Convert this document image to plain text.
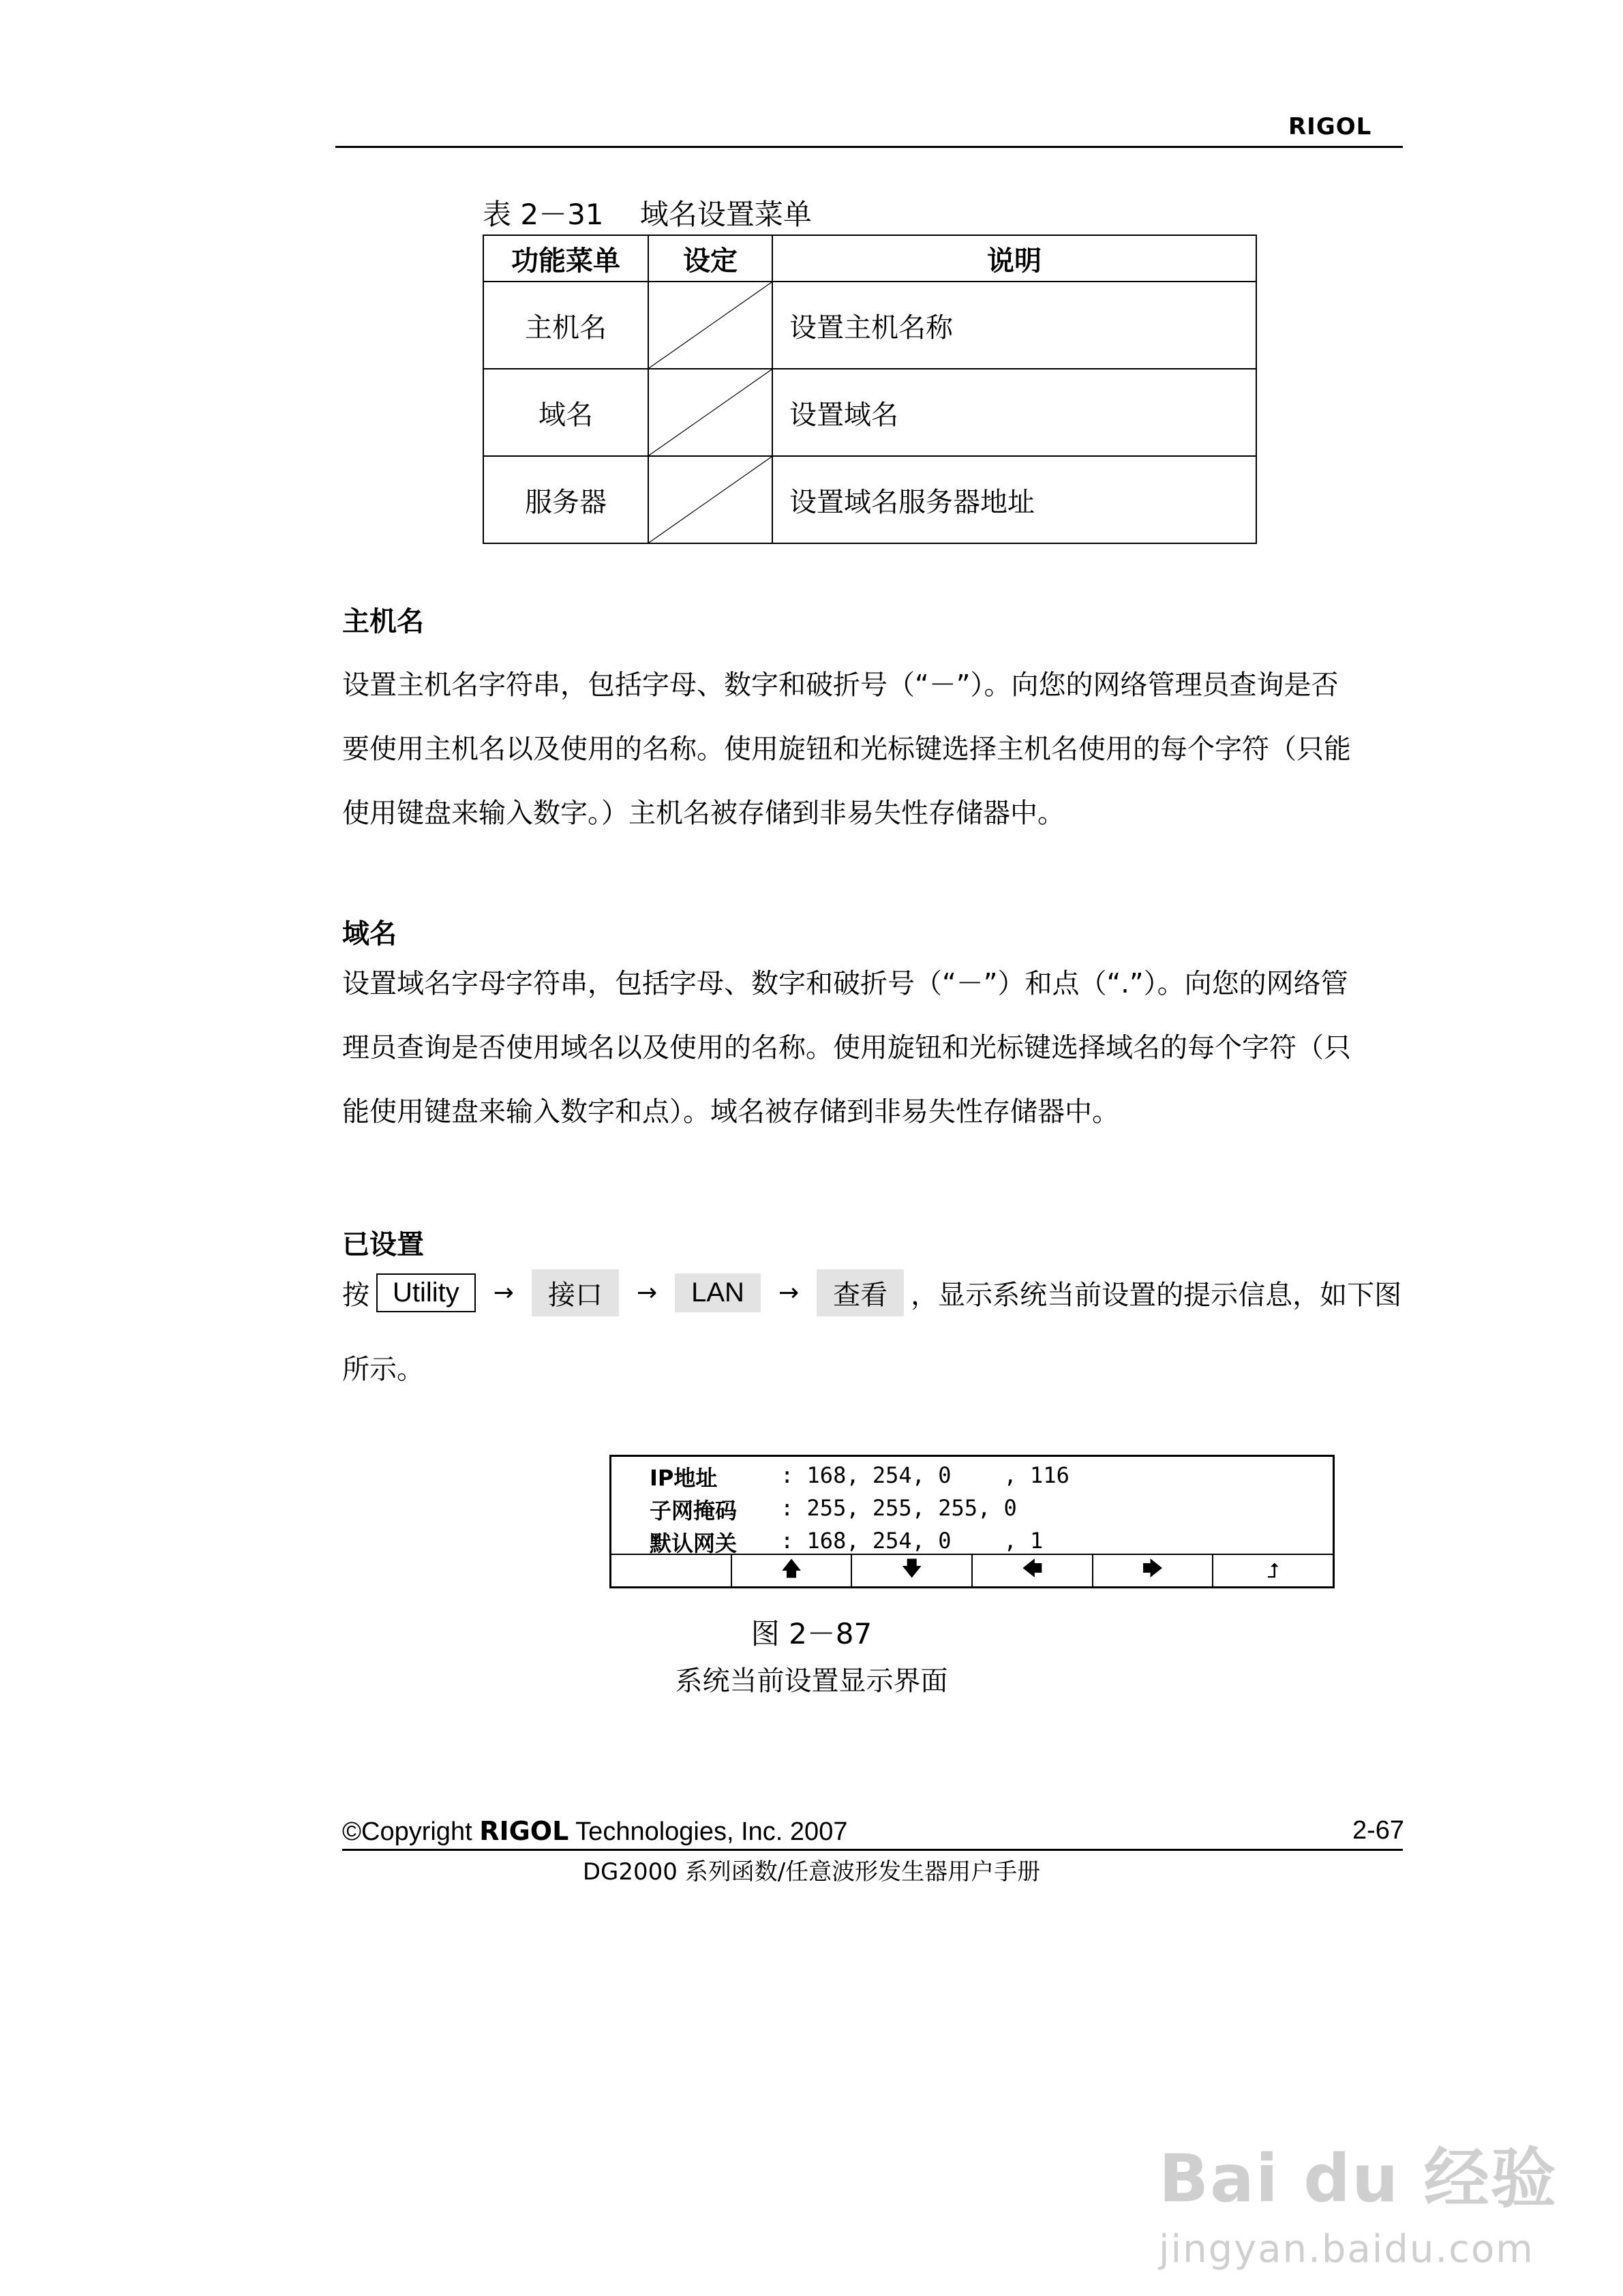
RIGOL
表 2－31    域名设置菜单
功能菜单	设定	说明
主机名		设置主机名称
域名		设置域名
服务器		设置域名服务器地址
主机名
设置主机名字符串，包括字母、数字和破折号（“－”）。向您的网络管理员查询是否
要使用主机名以及使用的名称。使用旋钮和光标键选择主机名使用的每个字符（只能
使用键盘来输入数字。）主机名被存储到非易失性存储器中。
域名
设置域名字母字符串，包括字母、数字和破折号（“－”）和点（“.”）。向您的网络管
理员查询是否使用域名以及使用的名称。使用旋钮和光标键选择域名的每个字符（只
能使用键盘来输入数字和点）。域名被存储到非易失性存储器中。
已设置
按 Utility	→	接口	→	LAN	→	查看 ，显示系统当前设置的提示信息，如下图
所示。
IP地址	: 168, 254, 0    , 116
子网掩码 : 255, 255, 255, 0
默认网关 : 168, 254, 0    , 1
🡅	🡇	🡄	🡆	⮥
图 2－87
系统当前设置显示界面
©Copyright RIGOL Technologies, Inc. 2007	2-67
DG2000 系列函数/任意波形发生器用户手册
Bai du 经验
jingyan.baidu.com
